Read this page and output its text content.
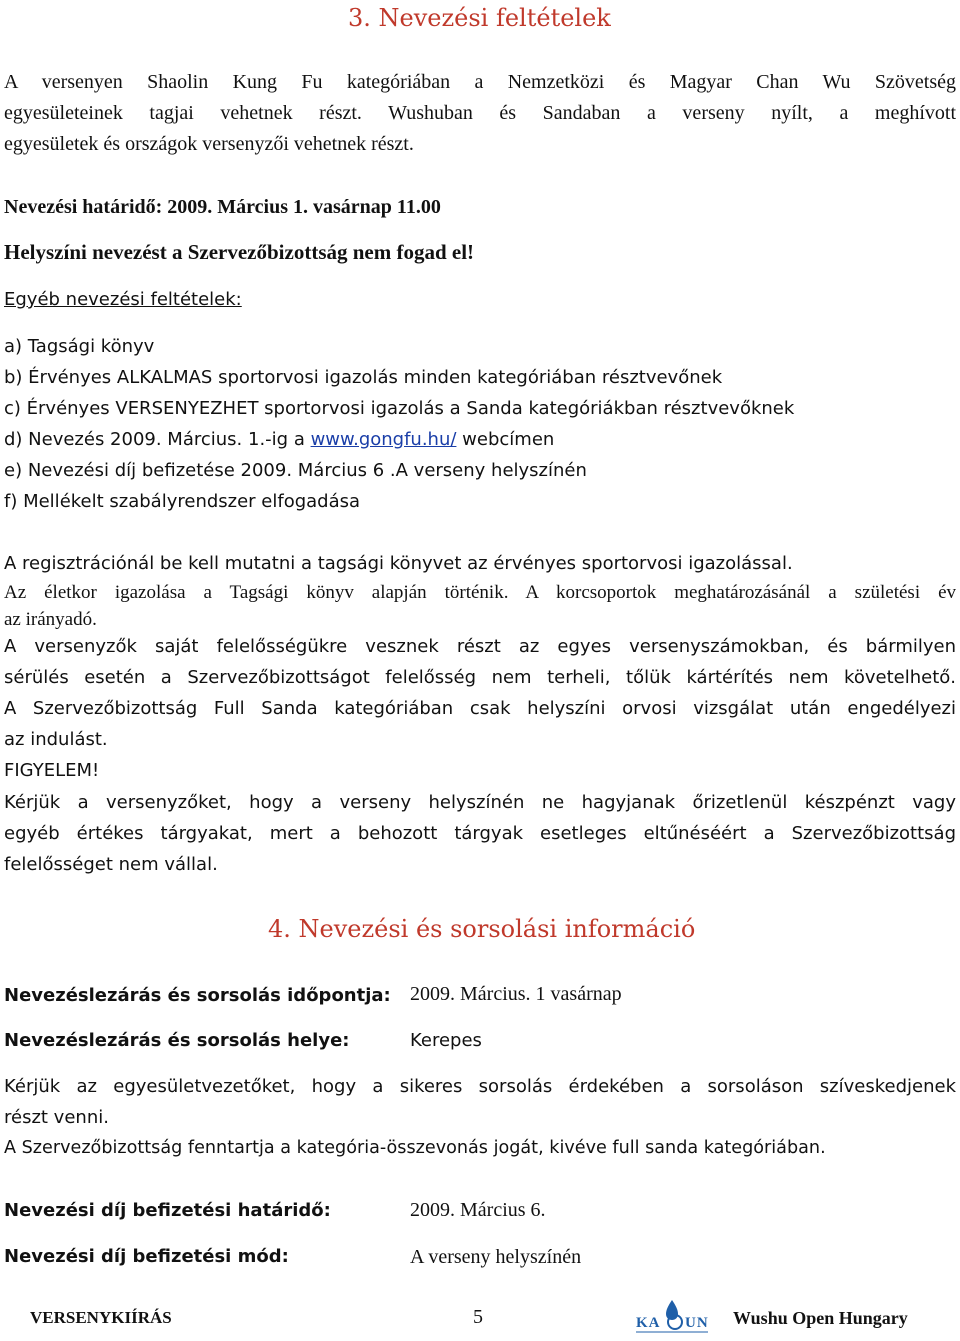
3. Nevezési feltételek
A versenyen Shaolin Kung Fu kategóriában a Nemzetközi és Magyar Chan Wu Szövetség
egyesületeinek tagjai vehetnek részt. Wushuban és Sandaban a verseny nyílt, a meghívott
egyesületek és országok versenyzői vehetnek részt.
Nevezési határidő: 2009. Március 1. vasárnap 11.00
Helyszíni nevezést a Szervezőbizottság nem fogad el!
Egyéb nevezési feltételek:
a) Tagsági könyv
b) Érvényes ALKALMAS sportorvosi igazolás minden kategóriában résztvevőnek
c) Érvényes VERSENYEZHET sportorvosi igazolás a Sanda kategóriákban résztvevőknek
d) Nevezés 2009. Március. 1.-ig a www.gongfu.hu/ webcímen
e) Nevezési díj befizetése 2009. Március 6 .A verseny helyszínén
f) Mellékelt szabályrendszer elfogadása
A regisztrációnál be kell mutatni a tagsági könyvet az érvényes sportorvosi igazolással.
Az életkor igazolása a Tagsági könyv alapján történik. A korcsoportok meghatározásánál a születési év
az irányadó.
A versenyzők saját felelősségükre vesznek részt az egyes versenyszámokban, és bármilyen
sérülés esetén a Szervezőbizottságot felelősség nem terheli, tőlük kártérítés nem követelhető.
A Szervezőbizottság Full Sanda kategóriában csak helyszíni orvosi vizsgálat után engedélyezi
az indulást.
FIGYELEM!
Kérjük a versenyzőket, hogy a verseny helyszínén ne hagyjanak őrizetlenül készpénzt vagy
egyéb értékes tárgyakat, mert a behozott tárgyak esetleges eltűnéséért a Szervezőbizottság
felelősséget nem vállal.
4. Nevezési és sorsolási információ
Nevezéslezárás és sorsolás időpontja: 2009. Március. 1 vasárnap
Nevezéslezárás és sorsolás helye:	Kerepes
Kérjük az egyesületvezetőket, hogy a sikeres sorsolás érdekében a sorsoláson szíveskedjenek
részt venni.
A Szervezőbizottság fenntartja a kategória-összevonás jogát, kivéve full sanda kategóriában.
Nevezési díj befizetési határidő:	2009. Március 6.
Nevezési díj befizetési mód:	A verseny helyszínén
VERSENYKIÍRÁS	5	KA UN Wushu Open Hungary
